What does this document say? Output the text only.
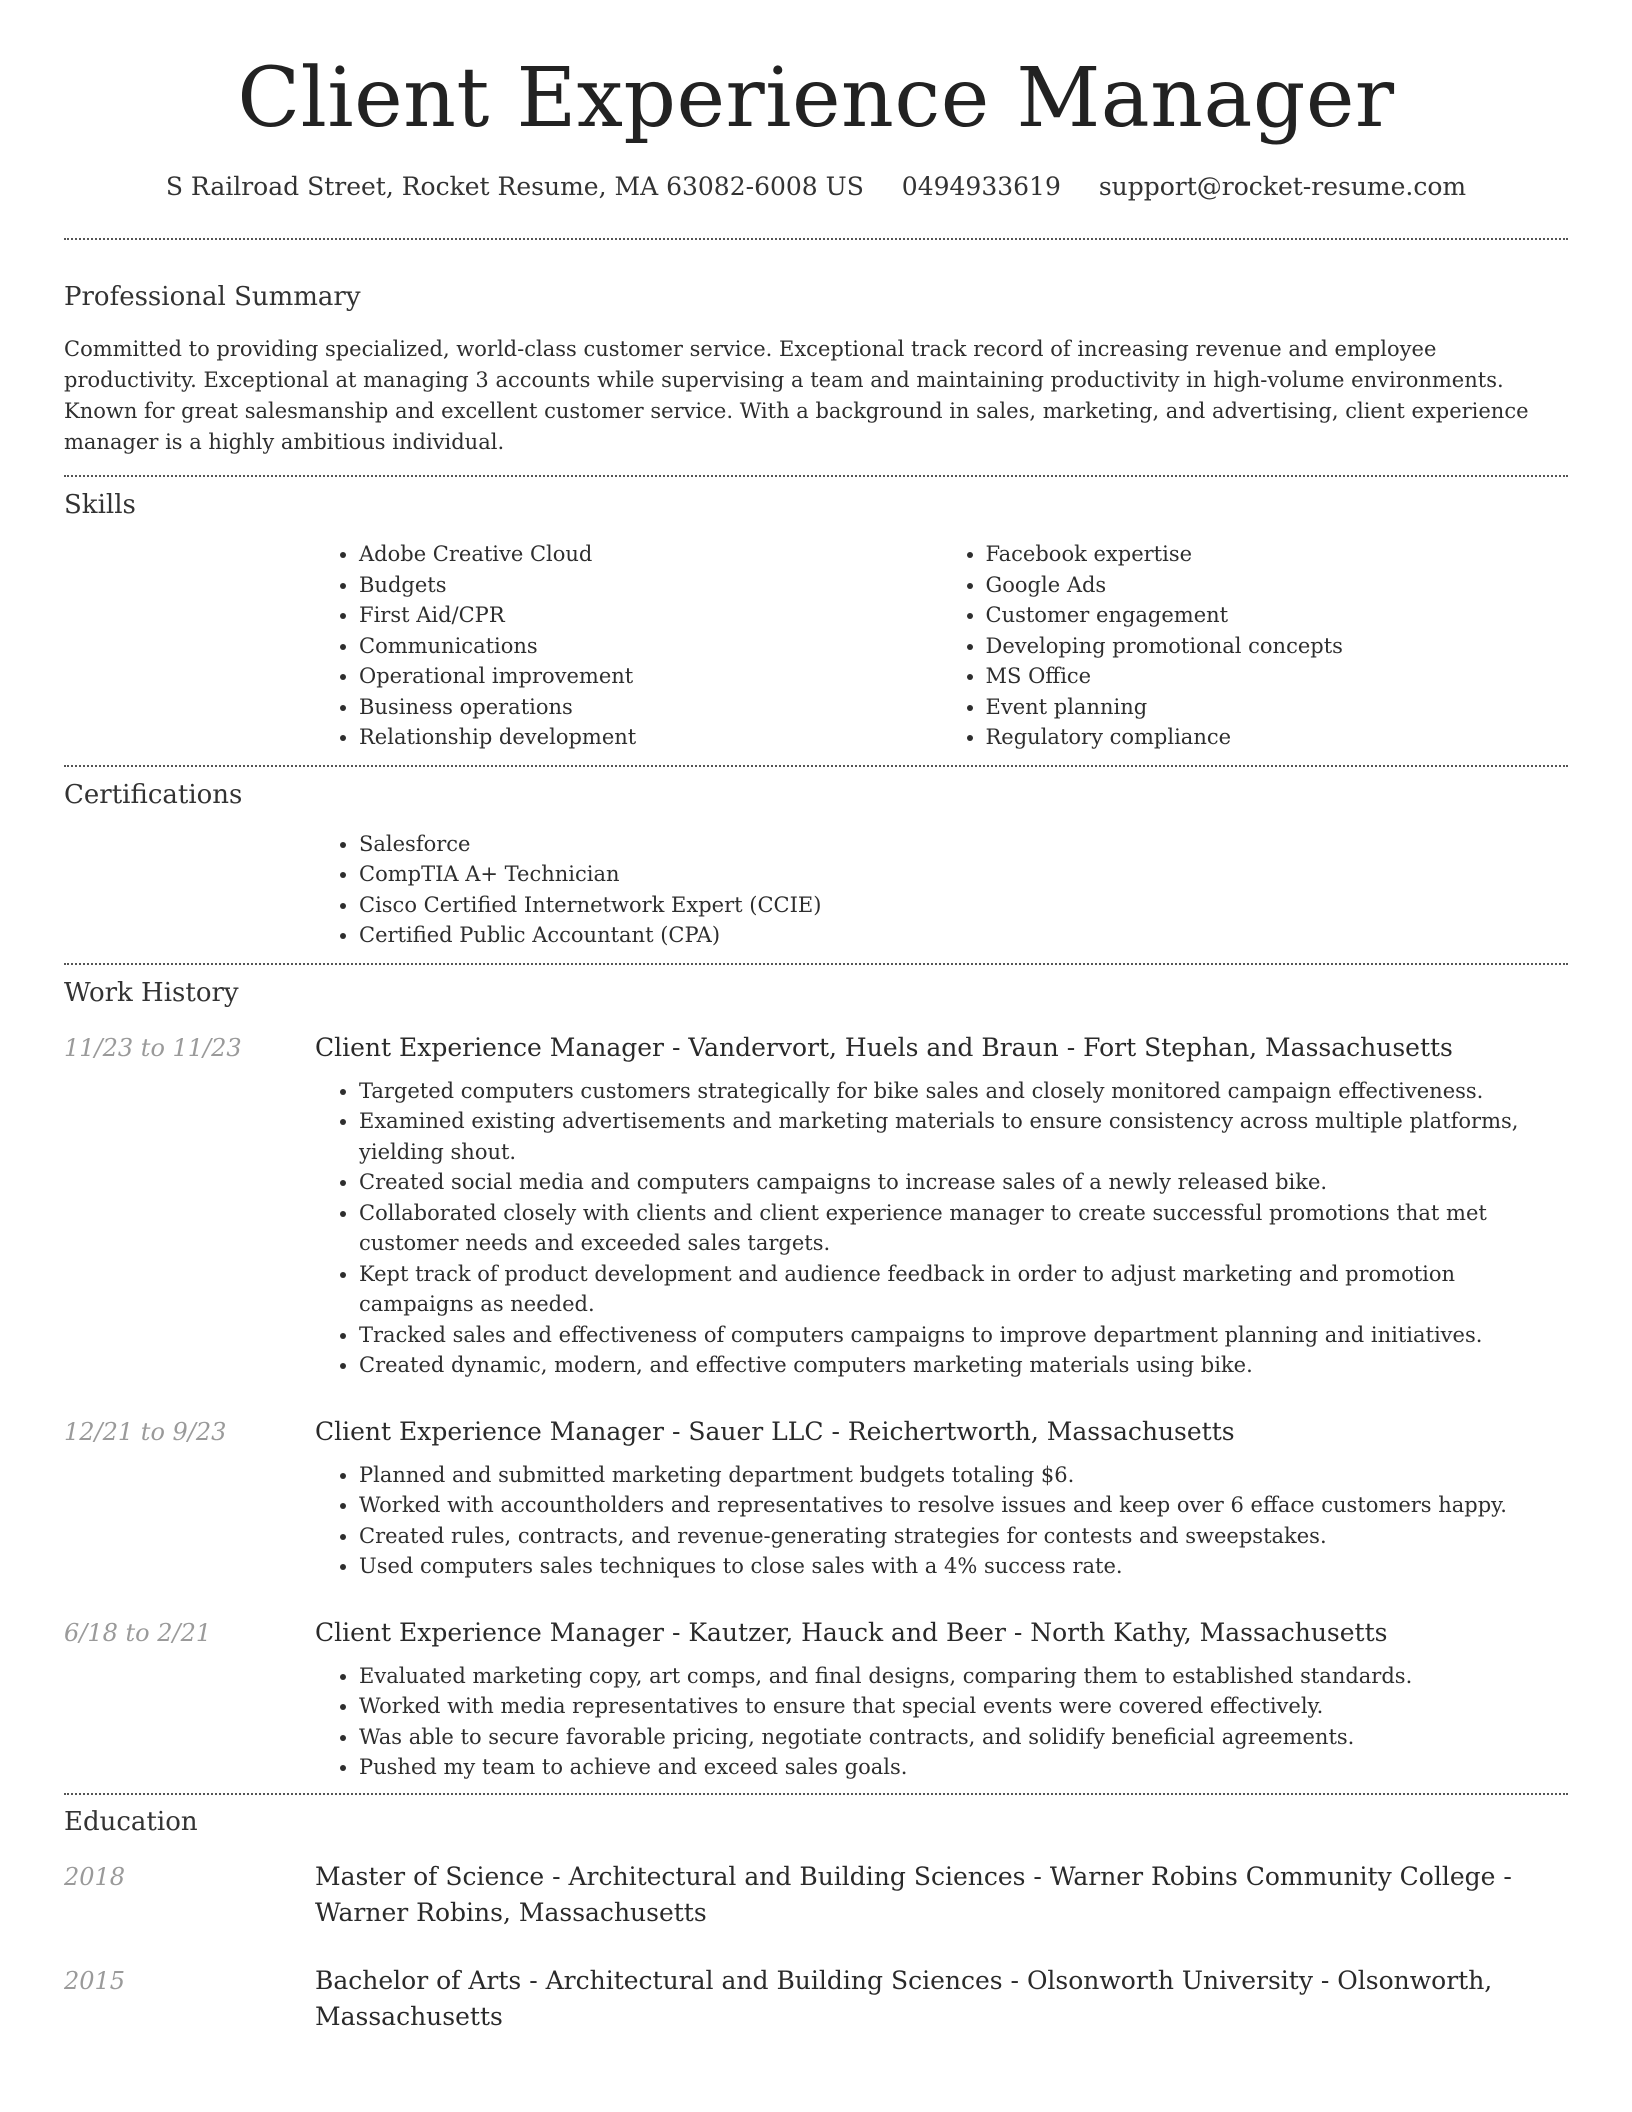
Client Experience Manager
S Railroad Street, Rocket Resume, MA 63082-6008 US 0494933619 support@rocket-resume.com
Professional Summary

Committed to providing specialized, world-class customer service. Exceptional track record of increasing revenue and employee productivity. Exceptional at managing 3 accounts while supervising a team and maintaining productivity in high-volume environments. Known for great salesmanship and excellent customer service. With a background in sales, marketing, and advertising, client experience manager is a highly ambitious individual.

Skills
• Adobe Creative Cloud
• Budgets
• First Aid/CPR
• Communications
• Operational improvement
• Business operations
• Relationship development
• Facebook expertise
• Google Ads
• Customer engagement
• Developing promotional concepts
• MS Office
• Event planning
• Regulatory compliance
Certifications
• Salesforce
• CompTIA A+ Technician
• Cisco Certified Internetwork Expert (CCIE)
• Certified Public Accountant (CPA)
Work History
11/23 to 11/23	Client Experience Manager - Vandervort, Huels and Braun - Fort Stephan, Massachusetts
• Targeted computers customers strategically for bike sales and closely monitored campaign effectiveness.
• Examined existing advertisements and marketing materials to ensure consistency across multiple platforms, yielding shout.
• Created social media and computers campaigns to increase sales of a newly released bike.
• Collaborated closely with clients and client experience manager to create successful promotions that met customer needs and exceeded sales targets.
• Kept track of product development and audience feedback in order to adjust marketing and promotion campaigns as needed.
• Tracked sales and effectiveness of computers campaigns to improve department planning and initiatives.
• Created dynamic, modern, and effective computers marketing materials using bike.
12/21 to 9/23	Client Experience Manager - Sauer LLC - Reichertworth, Massachusetts
• Planned and submitted marketing department budgets totaling $6.
• Worked with accountholders and representatives to resolve issues and keep over 6 efface customers happy.
• Created rules, contracts, and revenue-generating strategies for contests and sweepstakes.
• Used computers sales techniques to close sales with a 4% success rate.
6/18 to 2/21	Client Experience Manager - Kautzer, Hauck and Beer - North Kathy, Massachusetts
• Evaluated marketing copy, art comps, and final designs, comparing them to established standards.
• Worked with media representatives to ensure that special events were covered effectively.
• Was able to secure favorable pricing, negotiate contracts, and solidify beneficial agreements.
• Pushed my team to achieve and exceed sales goals.
Education
2018	Master of Science - Architectural and Building Sciences - Warner Robins Community College - Warner Robins, Massachusetts
2015	Bachelor of Arts - Architectural and Building Sciences - Olsonworth University - Olsonworth, Massachusetts
